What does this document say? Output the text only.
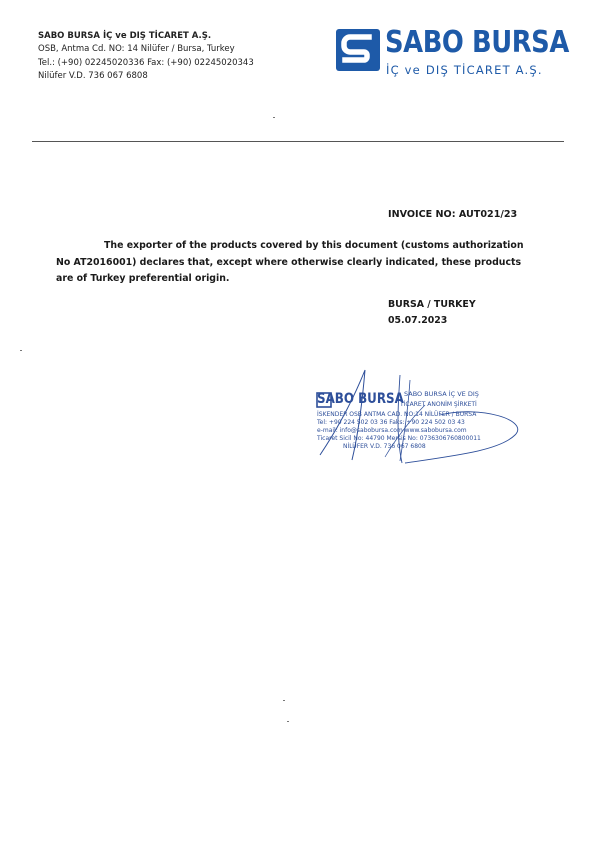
SABO BURSA İÇ ve DIŞ TİCARET A.Ş.
OSB, Antma Cd. NO: 14 Nilüfer / Bursa, Turkey
Tel.: (+90) 02245020336 Fax: (+90) 02245020343
Nilüfer V.D. 736 067 6808
SABO BURSA
İÇ ve DIŞ TİCARET A.Ş.
INVOICE NO: AUT021/23
The exporter of the products covered by this document (customs authorization No AT2016001) declares that, except where otherwise clearly indicated, these products are of Turkey preferential origin.
BURSA / TURKEY
05.07.2023
SABO BURSA SABO BURSA İÇ VE DIŞ
TİCARET ANONİM ŞİRKETİ
İSKENDER OSB ANTMA CAD. NO:14 NİLÜFER / BURSA
Tel: +90 224 502 03 36 Faks: +90 224 502 03 43
e-mail: info@sabobursa.com www.sabobursa.com
Ticaret Sicil No: 44790 Mersis No: 0736306760800011
NİLÜFER V.D. 736 067 6808
